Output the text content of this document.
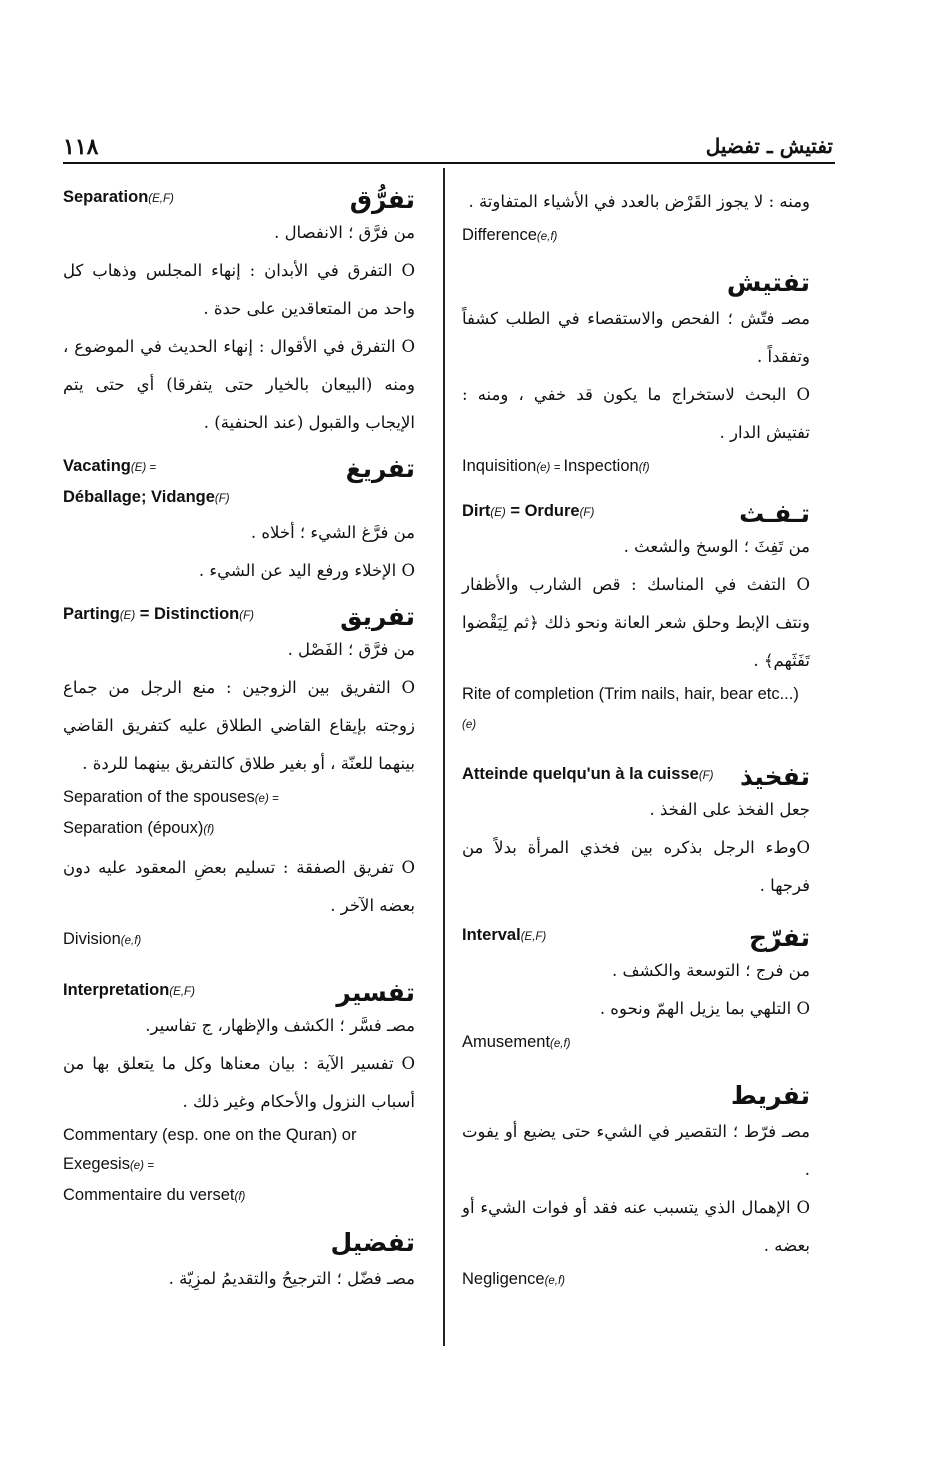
١١٨	تفتيش ـ تفضيل
تفرُّق
Separation(E,F)
من فرَّق ؛ الانفصال .
O التفرق في الأبدان : إنهاء المجلس وذهاب كل واحد من المتعاقدين على حدة .
O التفرق في الأقوال : إنهاء الحديث في الموضوع ، ومنه (البيعان بالخيار حتى يتفرقا) أي حتى يتم الإيجاب والقبول (عند الحنفية) .
تفريغ
Vacating(E) =
Déballage; Vidange(F)
من فرَّغ الشيء ؛ أخلاه .
O الإخلاء ورفع اليد عن الشيء .
تفريق
Parting(E) = Distinction(F)
من فرَّق ؛ الفَصْل .
O التفريق بين الزوجين : منع الرجل من جماع زوجته بإيقاع القاضي الطلاق عليه كتفريق القاضي بينهما للعنّة ، أو بغير طلاق كالتفريق بينهما للردة .
Separation of the spouses(e) =
Separation (époux)(f)
O تفريق الصفقة : تسليم بعضِ المعقود عليه دون بعضه الآخر .
Division(e,f)
تفسير
Interpretation(E,F)
مصـ فسَّر ؛ الكشف والإظهار، ج تفاسير.
O تفسير الآية : بيان معناها وكل ما يتعلق بها من أسباب النزول والأحكام وغير ذلك .
Commentary (esp. one on the Quran) or Exegesis(e) =
Commentaire du verset(f)
تفضيل
مصـ فضّل ؛ الترجيحُ والتقديمُ لمزِيّة .
ومنه : لا يجوز القَرْض بالعدد في الأشياء المتفاوتة .
Difference(e,f)
تفتيش
مصـ فتّش ؛ الفحص والاستقصاء في الطلب كشفاً وتفقداً .
O البحث لاستخراج ما يكون قد خفي ، ومنه : تفتيش الدار .
Inquisition(e) = Inspection(f)
تـفـث
Dirt(E) = Ordure(F)
من تَفِثَ ؛ الوسخ والشعث .
O التفث في المناسك : قص الشارب والأظفار ونتف الإبط وحلق شعر العانة ونحو ذلك ﴿ثم لِيَقْضوا تَفَثَهم﴾ .
Rite of completion (Trim nails, hair, bear etc...)(e)
تفخيذ
Atteinde quelqu'un à la cuisse(F)
جعل الفخذ على الفخذ .
Oوطء الرجل بذكره بين فخذي المرأة بدلاً من فرجها .
تفرّج
Interval(E,F)
من فرج ؛ التوسعة والكشف .
O التلهي بما يزيل الهمّ ونحوه .
Amusement(e,f)
تفريط
مصـ فرّط ؛ التقصير في الشيء حتى يضيع أو يفوت .
O الإهمال الذي يتسبب عنه فقد أو فوات الشيء أو بعضه .
Negligence(e,f)
